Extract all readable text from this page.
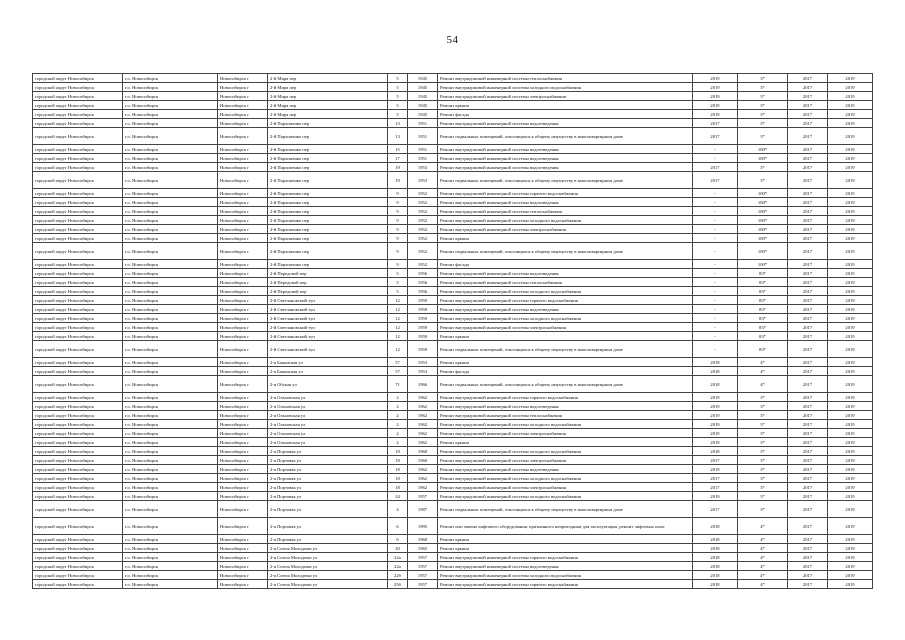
54
городской округ Новосибирск	г.о. Новосибирск	Новосибирск г	2-й Мира пер	5	1945	Ремонт внутридомовой инженерной системы теплоснабжения	2019	3*	2017	2019
городской округ Новосибирск	г.о. Новосибирск	Новосибирск г	2-й Мира пер	5	1945	Ремонт внутридомовой инженерной системы холодного водоснабжения	2019	3*	2017	2019
городской округ Новосибирск	г.о. Новосибирск	Новосибирск г	2-й Мира пер	5	1945	Ремонт внутридомовой инженерной системы электроснабжения	2019	3*	2017	2019
городской округ Новосибирск	г.о. Новосибирск	Новосибирск г	2-й Мира пер	5	1945	Ремонт крыши	2019	3*	2017	2019
городской округ Новосибирск	г.о. Новосибирск	Новосибирск г	2-й Мира пер	5	1945	Ремонт фасада	2019	3*	2017	2019
городской округ Новосибирск	г.о. Новосибирск	Новосибирск г	2-й Пархоменко пер	13	1951	Ремонт внутридомовой инженерной системы водоотведения	2017	3*	2017	2019
городской округ Новосибирск	г.о. Новосибирск	Новосибирск г	2-й Пархоменко пер	13	1951	Ремонт подвальных помещений, относящихся к общему имуществу в многоквартирном доме	2017	3*	2017	2019
городской округ Новосибирск	г.о. Новосибирск	Новосибирск г	2-й Пархоменко пер	15	1951	Ремонт внутридомовой инженерной системы водоотведения	-	100*	2017	2019
городской округ Новосибирск	г.о. Новосибирск	Новосибирск г	2-й Пархоменко пер	17	1951	Ремонт внутридомовой инженерной системы водоотведения	-	100*	2017	2019
городской округ Новосибирск	г.о. Новосибирск	Новосибирск г	2-й Пархоменко пер	19	1953	Ремонт внутридомовой инженерной системы водоотведения	2017	3*	2017	2019
городской округ Новосибирск	г.о. Новосибирск	Новосибирск г	2-й Пархоменко пер	19	1953	Ремонт подвальных помещений, относящихся к общему имуществу в многоквартирном доме	2017	3*	2017	2019
городской округ Новосибирск	г.о. Новосибирск	Новосибирск г	2-й Пархоменко пер	9	1952	Ремонт внутридомовой инженерной системы горячего водоснабжения	-	100*	2017	2019
городской округ Новосибирск	г.о. Новосибирск	Новосибирск г	2-й Пархоменко пер	9	1952	Ремонт внутридомовой инженерной системы водоотведения	-	100*	2017	2019
городской округ Новосибирск	г.о. Новосибирск	Новосибирск г	2-й Пархоменко пер	9	1952	Ремонт внутридомовой инженерной системы теплоснабжения	-	100*	2017	2019
городской округ Новосибирск	г.о. Новосибирск	Новосибирск г	2-й Пархоменко пер	9	1952	Ремонт внутридомовой инженерной системы холодного водоснабжения	-	100*	2017	2019
городской округ Новосибирск	г.о. Новосибирск	Новосибирск г	2-й Пархоменко пер	9	1952	Ремонт внутридомовой инженерной системы электроснабжения	-	100*	2017	2019
городской округ Новосибирск	г.о. Новосибирск	Новосибирск г	2-й Пархоменко пер	9	1952	Ремонт крыши	-	100*	2017	2019
городской округ Новосибирск	г.о. Новосибирск	Новосибирск г	2-й Пархоменко пер	9	1952	Ремонт подвальных помещений, относящихся к общему имуществу в многоквартирном доме	-	100*	2017	2019
городской округ Новосибирск	г.о. Новосибирск	Новосибирск г	2-й Пархоменко пер	9	1952	Ремонт фасада	-	100*	2017	2019
городской округ Новосибирск	г.о. Новосибирск	Новосибирск г	2-й Передовой пер	5	1956	Ремонт внутридомовой инженерной системы водоотведения	-	83*	2017	2019
городской округ Новосибирск	г.о. Новосибирск	Новосибирск г	2-й Передовой пер	5	1956	Ремонт внутридомовой инженерной системы теплоснабжения	-	83*	2017	2019
городской округ Новосибирск	г.о. Новосибирск	Новосибирск г	2-й Передовой пер	5	1956	Ремонт внутридомовой инженерной системы холодного водоснабжения	-	83*	2017	2019
городской округ Новосибирск	г.о. Новосибирск	Новосибирск г	2-й Светлановский туп	12	1959	Ремонт внутридомовой инженерной системы горячего водоснабжения	-	83*	2017	2019
городской округ Новосибирск	г.о. Новосибирск	Новосибирск г	2-й Светлановский туп	12	1959	Ремонт внутридомовой инженерной системы водоотведения	-	83*	2017	2019
городской округ Новосибирск	г.о. Новосибирск	Новосибирск г	2-й Светлановский туп	12	1959	Ремонт внутридомовой инженерной системы холодного водоснабжения	-	83*	2017	2019
городской округ Новосибирск	г.о. Новосибирск	Новосибирск г	2-й Светлановский туп	12	1959	Ремонт внутридомовой инженерной системы электроснабжения	-	83*	2017	2019
городской округ Новосибирск	г.о. Новосибирск	Новосибирск г	2-й Светлановский туп	12	1959	Ремонт крыши	-	83*	2017	2019
городской округ Новосибирск	г.о. Новосибирск	Новосибирск г	2-й Светлановский туп	12	1959	Ремонт подвальных помещений, относящихся к общему имуществу в многоквартирном доме	-	83*	2017	2019
городской округ Новосибирск	г.о. Новосибирск	Новосибирск г	2-я Бакинская ул	57	1953	Ремонт крыши	2018	4*	2017	2019
городской округ Новосибирск	г.о. Новосибирск	Новосибирск г	2-я Бакинская ул	57	1953	Ремонт фасада	2018	4*	2017	2019
городской округ Новосибирск	г.о. Новосибирск	Новосибирск г	2-я Обская ул	71	1966	Ремонт подвальных помещений, относящихся к общему имуществу в многоквартирном доме	2018	4*	2017	2019
городской округ Новосибирск	г.о. Новосибирск	Новосибирск г	2-я Ольховская ул	2	1962	Ремонт внутридомовой инженерной системы горячего водоснабжения	2019	3*	2017	2019
городской округ Новосибирск	г.о. Новосибирск	Новосибирск г	2-я Ольховская ул	2	1962	Ремонт внутридомовой инженерной системы водоотведения	2019	3*	2017	2019
городской округ Новосибирск	г.о. Новосибирск	Новосибирск г	2-я Ольховская ул	2	1962	Ремонт внутридомовой инженерной системы теплоснабжения	2019	3*	2017	2019
городской округ Новосибирск	г.о. Новосибирск	Новосибирск г	2-я Ольховская ул	2	1962	Ремонт внутридомовой инженерной системы холодного водоснабжения	2019	3*	2017	2019
городской округ Новосибирск	г.о. Новосибирск	Новосибирск г	2-я Ольховская ул	2	1962	Ремонт внутридомовой инженерной системы электроснабжения	2019	3*	2017	2019
городской округ Новосибирск	г.о. Новосибирск	Новосибирск г	2-я Ольховская ул	2	1962	Ремонт крыши	2019	3*	2017	2019
городской округ Новосибирск	г.о. Новосибирск	Новосибирск г	2-я Портовая ул	18	1960	Ремонт внутридомовой инженерной системы холодного водоснабжения	2018	3*	2017	2019
городской округ Новосибирск	г.о. Новосибирск	Новосибирск г	2-я Портовая ул	18	1960	Ремонт внутридомовой инженерной системы электроснабжения	2017	3*	2017	2019
городской округ Новосибирск	г.о. Новосибирск	Новосибирск г	2-я Портовая ул	18	1962	Ремонт внутридомовой инженерной системы водоотведения	2019	3*	2017	2019
городской округ Новосибирск	г.о. Новосибирск	Новосибирск г	2-я Портовая ул	18	1962	Ремонт внутридомовой инженерной системы холодного водоснабжения	2017	3*	2017	2019
городской округ Новосибирск	г.о. Новосибирск	Новосибирск г	2-я Портовая ул	18	1962	Ремонт внутридомовой инженерной системы электроснабжения	2017	3*	2017	2019
городской округ Новосибирск	г.о. Новосибирск	Новосибирск г	2-я Портовая ул	24	1957	Ремонт внутридомовой инженерной системы холодного водоснабжения	2019	3*	2017	2019
городской округ Новосибирск	г.о. Новосибирск	Новосибирск г	2-я Портовая ул	4	1987	Ремонт подвальных помещений, относящихся к общему имуществу в многоквартирном доме	2017	3*	2017	2019
городской округ Новосибирск	г.о. Новосибирск	Новосибирск г	2-я Портовая ул	6	1995	Ремонт или замена лифтового оборудования, признанного непригодным для эксплуатации, ремонт лифтовых шахт	2018	4*	2017	2019
городской округ Новосибирск	г.о. Новосибирск	Новосибирск г	2-я Портовая ул	6	1960	Ремонт крыши	2018	4*	2017	2019
городской округ Новосибирск	г.о. Новосибирск	Новосибирск г	2-я Союза Молодежи ул	20	1965	Ремонт крыши	2018	4*	2017	2019
городской округ Новосибирск	г.о. Новосибирск	Новосибирск г	2-я Союза Молодежи ул	22а	1957	Ремонт внутридомовой инженерной системы горячего водоснабжения	2018	4*	2017	2019
городской округ Новосибирск	г.о. Новосибирск	Новосибирск г	2-я Союза Молодежи ул	22а	1957	Ремонт внутридомовой инженерной системы водоотведения	2018	4*	2017	2019
городской округ Новосибирск	г.о. Новосибирск	Новосибирск г	2-я Союза Молодежи ул	22б	1957	Ремонт внутридомовой инженерной системы холодного водоснабжения	2018	4*	2017	2019
городской округ Новосибирск	г.о. Новосибирск	Новосибирск г	2-я Союза Молодежи ул	25б	1957	Ремонт внутридомовой инженерной системы горячего водоснабжения	2018	4*	2017	2019
